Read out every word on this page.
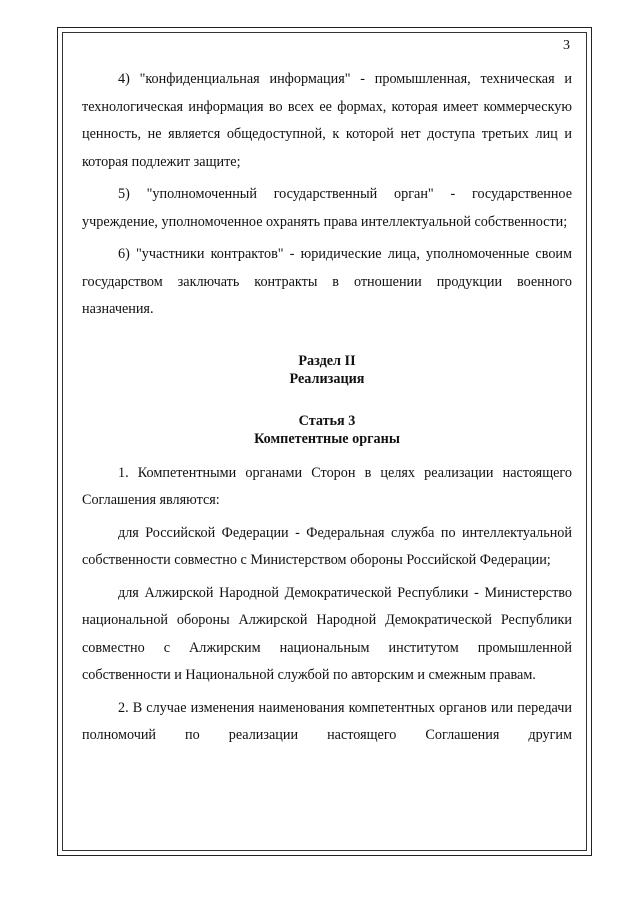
3

4) "конфиденциальная информация" - промышленная, техническая и технологическая информация во всех ее формах, которая имеет коммерческую ценность, не является общедоступной, к которой нет доступа третьих лиц и которая подлежит защите;

5) "уполномоченный государственный орган" - государственное учреждение, уполномоченное охранять права интеллектуальной собственности;

6) "участники контрактов" - юридические лица, уполномоченные своим государством заключать контракты в отношении продукции военного назначения.

Раздел II

Реализация

Статья 3

Компетентные органы

1. Компетентными органами Сторон в целях реализации настоящего Соглашения являются:

для Российской Федерации - Федеральная служба по интеллектуальной собственности совместно с Министерством обороны Российской Федерации;

для Алжирской Народной Демократической Республики - Министерство национальной обороны Алжирской Народной Демократической Республики совместно с Алжирским национальным институтом промышленной собственности и Национальной службой по авторским и смежным правам.

2. В случае изменения наименования компетентных органов или передачи полномочий по реализации настоящего Соглашения другим
